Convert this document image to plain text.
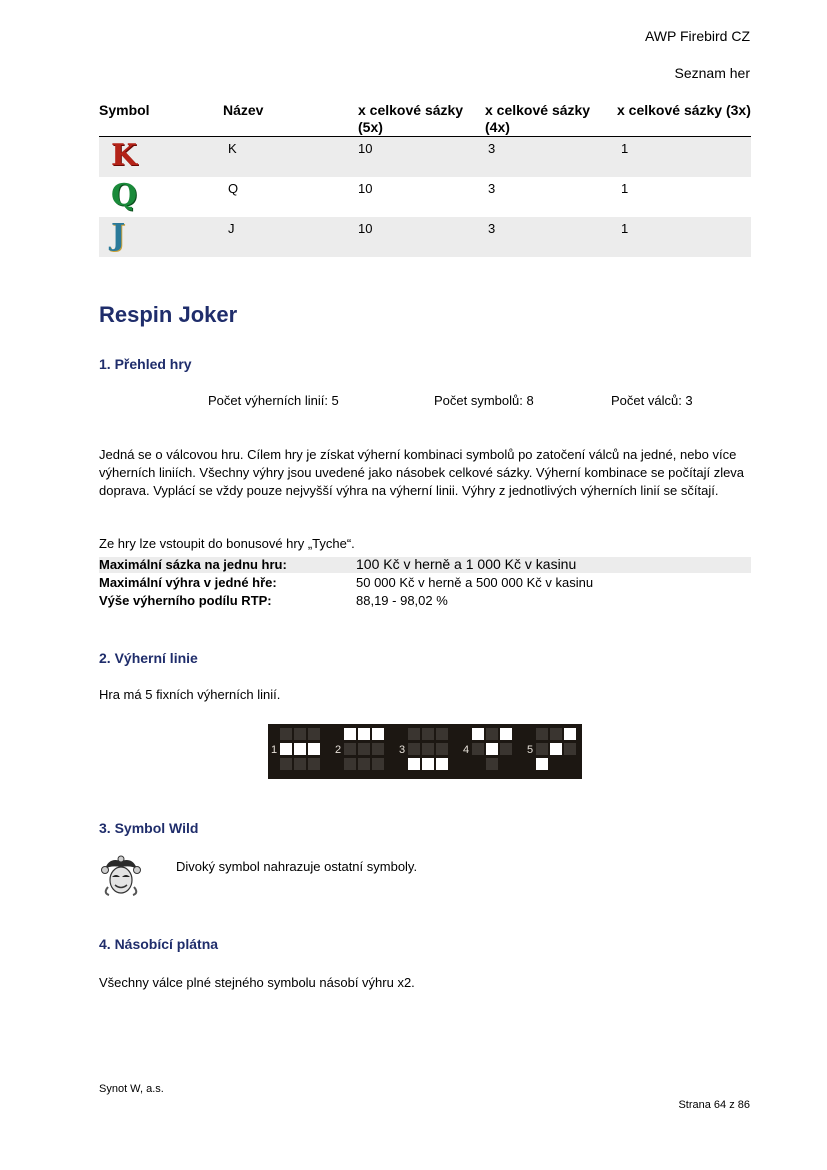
AWP Firebird CZ
Seznam her
Symbol	Název	x celkové sázky (5x)	x celkové sázky (4x)	x celkové sázky (3x)
K	K	10	3	1
Q	Q	10	3	1
J	J	10	3	1
Respin Joker
1. Přehled hry
Počet výherních linií: 5	Počet symbolů: 8	Počet válců: 3
Jedná se o válcovou hru. Cílem hry je získat výherní kombinaci symbolů po zatočení válců na jedné, nebo více výherních liniích. Všechny výhry jsou uvedené jako násobek celkové sázky. Výherní kombinace se počítají zleva doprava. Vyplácí se vždy pouze nejvyšší výhra na výherní linii. Výhry z jednotlivých výherních linií se sčítají.
Ze hry lze vstoupit do bonusové hry „Tyche“.
Maximální sázka na jednu hru:	100 Kč v herně a 1 000 Kč v kasinu
Maximální výhra v jedné hře:	50 000 Kč v herně a 500 000 Kč v kasinu
Výše výherního podílu RTP:	88,19 - 98,02 %
2. Výherní linie
Hra má 5 fixních výherních linií.
1	2	3	4	5
3. Symbol Wild
Divoký symbol nahrazuje ostatní symboly.
4. Násobící plátna
Všechny válce plné stejného symbolu násobí výhru x2.
Synot W, a.s.
Strana 64 z 86
